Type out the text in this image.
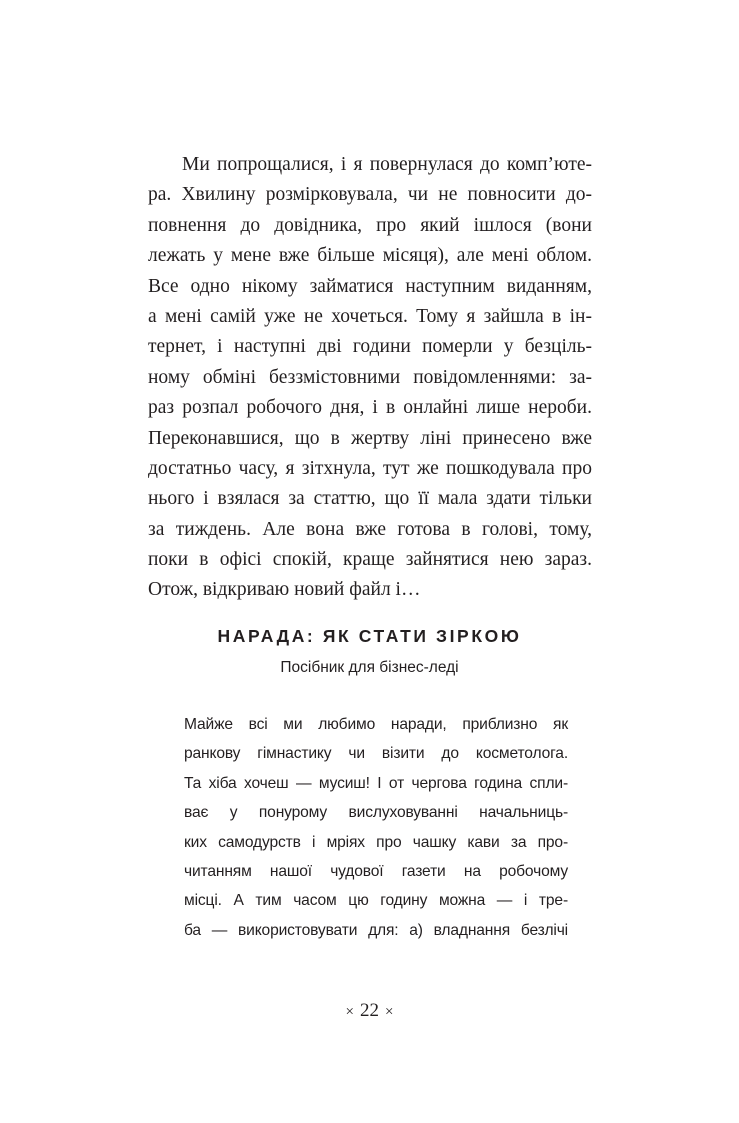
Ми попрощалися, і я повернулася до комп’юте-
ра. Хвилину розмірковувала, чи не повносити до-
повнення до довідника, про який ішлося (вони
лежать у мене вже більше місяця), але мені облом.
Все одно нікому займатися наступним виданням,
а мені самій уже не хочеться. Тому я зайшла в ін-
тернет, і наступні дві години померли у безціль-
ному обміні беззмістовними повідомленнями: за-
раз розпал робочого дня, і в онлайні лише нероби.
Переконавшися, що в жертву ліні принесено вже
достатньо часу, я зітхнула, тут же пошкодувала про
нього і взялася за статтю, що її мала здати тільки
за тиждень. Але вона вже готова в голові, тому,
поки в офісі спокій, краще зайнятися нею зараз.
Отож, відкриваю новий файл і…
НАРАДА: ЯК СТАТИ ЗІРКОЮ

Посібник для бізнес-леді

Майже всі ми любимо наради, приблизно як
ранкову гімнастику чи візити до косметолога.
Та хіба хочеш — мусиш! І от чергова година спли-
ває у понурому вислуховуванні начальниць-
ких самодурств і мріях про чашку кави за про-
читанням нашої чудової газети на робочому
місці. А тим часом цю годину можна — і тре-
ба — використовувати для: а) владнання безлічі
× 22 ×
